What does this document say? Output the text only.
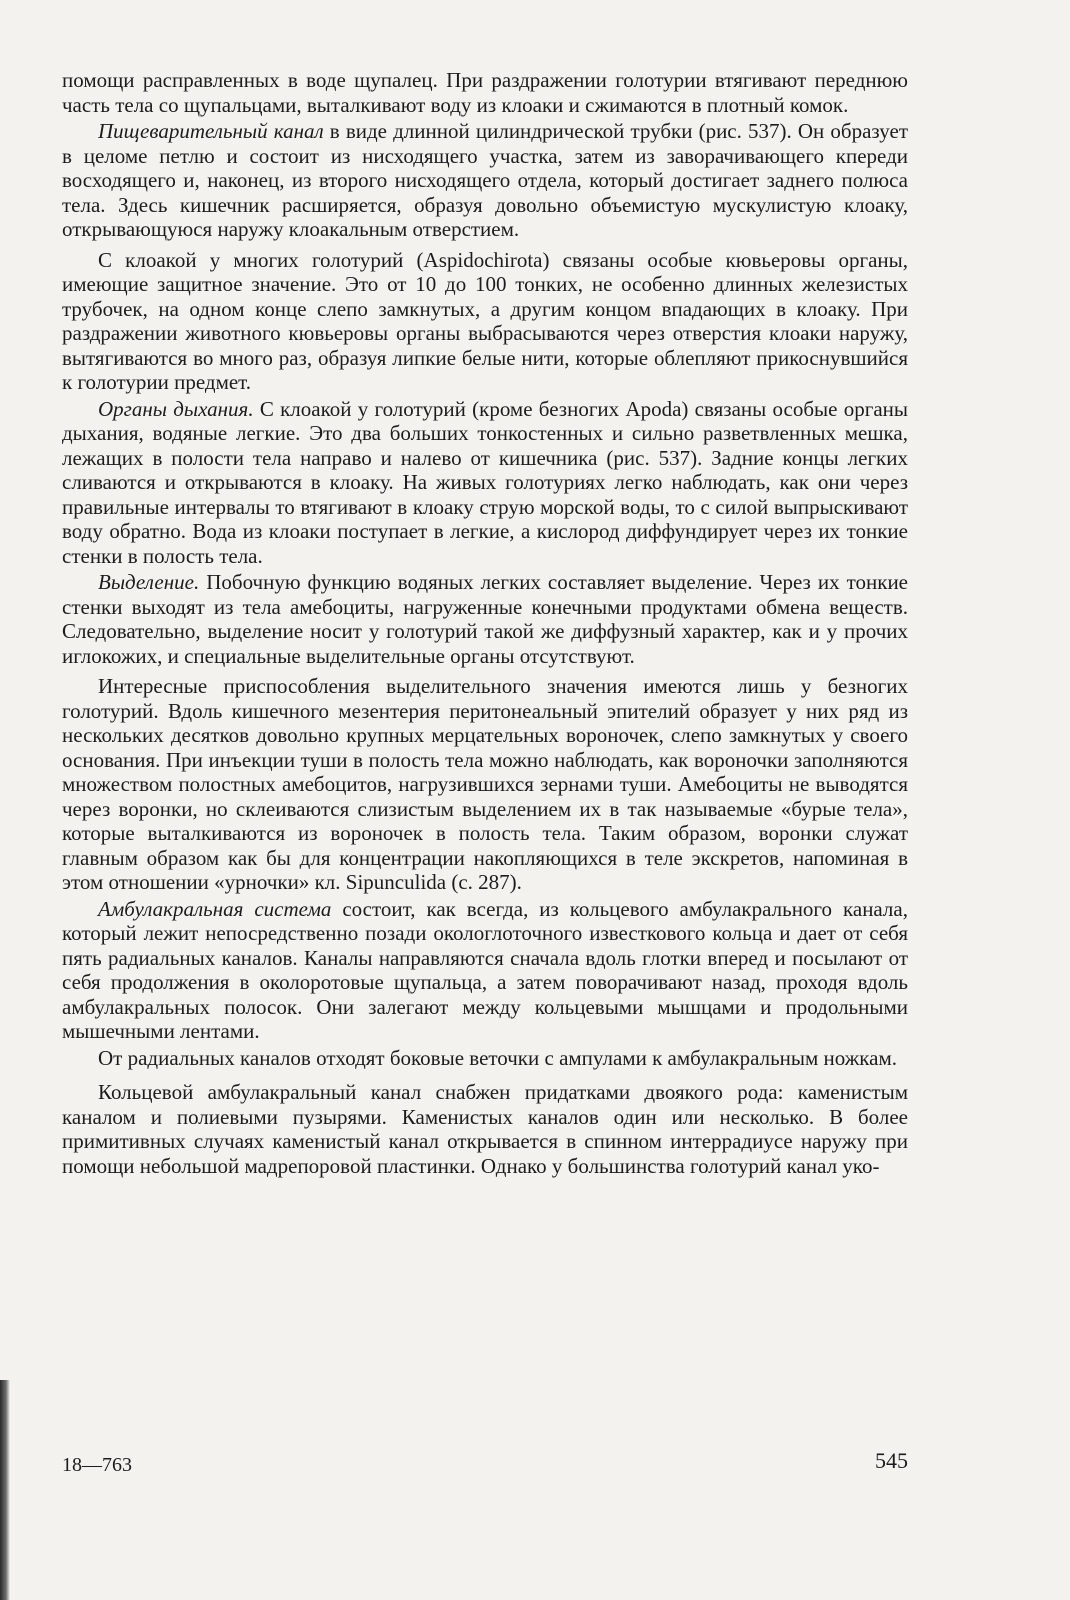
помощи расправленных в воде щупалец. При раздражении голотурии втягивают переднюю часть тела со щупальцами, выталкивают воду из клоаки и сжимаются в плотный комок.

Пищеварительный канал в виде длинной цилиндрической трубки (рис. 537). Он образует в целоме петлю и состоит из нисходящего участка, затем из заворачивающего кпереди восходящего и, наконец, из второго нисходящего отдела, который достигает заднего полюса тела. Здесь кишечник расширяется, образуя довольно объемистую мускулистую клоаку, открывающуюся наружу клоакальным отверстием.

С клоакой у многих голотурий (Aspidochirota) связаны особые кювьеровы органы, имеющие защитное значение. Это от 10 до 100 тонких, не особенно длинных железистых трубочек, на одном конце слепо замкнутых, а другим концом впадающих в клоаку. При раздражении животного кювьеровы органы выбрасываются через отверстия клоаки наружу, вытягиваются во много раз, образуя липкие белые нити, которые облепляют прикоснувшийся к голотурии предмет.

Органы дыхания. С клоакой у голотурий (кроме безногих Apoda) связаны особые органы дыхания, водяные легкие. Это два больших тонкостенных и сильно разветвленных мешка, лежащих в полости тела направо и налево от кишечника (рис. 537). Задние концы легких сливаются и открываются в клоаку. На живых голотуриях легко наблюдать, как они через правильные интервалы то втягивают в клоаку струю морской воды, то с силой выпрыскивают воду обратно. Вода из клоаки поступает в легкие, а кислород диффундирует через их тонкие стенки в полость тела.

Выделение. Побочную функцию водяных легких составляет выделение. Через их тонкие стенки выходят из тела амебоциты, нагруженные конечными продуктами обмена веществ. Следовательно, выделение носит у голотурий такой же диффузный характер, как и у прочих иглокожих, и специальные выделительные органы отсутствуют.

Интересные приспособления выделительного значения имеются лишь у безногих голотурий. Вдоль кишечного мезентерия перитонеальный эпителий образует у них ряд из нескольких десятков довольно крупных мерцательных вороночек, слепо замкнутых у своего основания. При инъекции туши в полость тела можно наблюдать, как вороночки заполняются множеством полостных амебоцитов, нагрузившихся зернами туши. Амебоциты не выводятся через воронки, но склеиваются слизистым выделением их в так называемые «бурые тела», которые выталкиваются из вороночек в полость тела. Таким образом, воронки служат главным образом как бы для концентрации накопляющихся в теле экскретов, напоминая в этом отношении «урночки» кл. Sipunculida (с. 287).

Амбулакральная система состоит, как всегда, из кольцевого амбулакрального канала, который лежит непосредственно позади окологлоточного известкового кольца и дает от себя пять радиальных каналов. Каналы направляются сначала вдоль глотки вперед и посылают от себя продолжения в околоротовые щупальца, а затем поворачивают назад, проходя вдоль амбулакральных полосок. Они залегают между кольцевыми мышцами и продольными мышечными лентами.

От радиальных каналов отходят боковые веточки с ампулами к амбулакральным ножкам.

Кольцевой амбулакральный канал снабжен придатками двоякого рода: каменистым каналом и полиевыми пузырями. Каменистых каналов один или несколько. В более примитивных случаях каменистый канал открывается в спинном интеррадиусе наружу при помощи небольшой мадрепоровой пластинки. Однако у большинства голотурий канал уко-

18—763	545
